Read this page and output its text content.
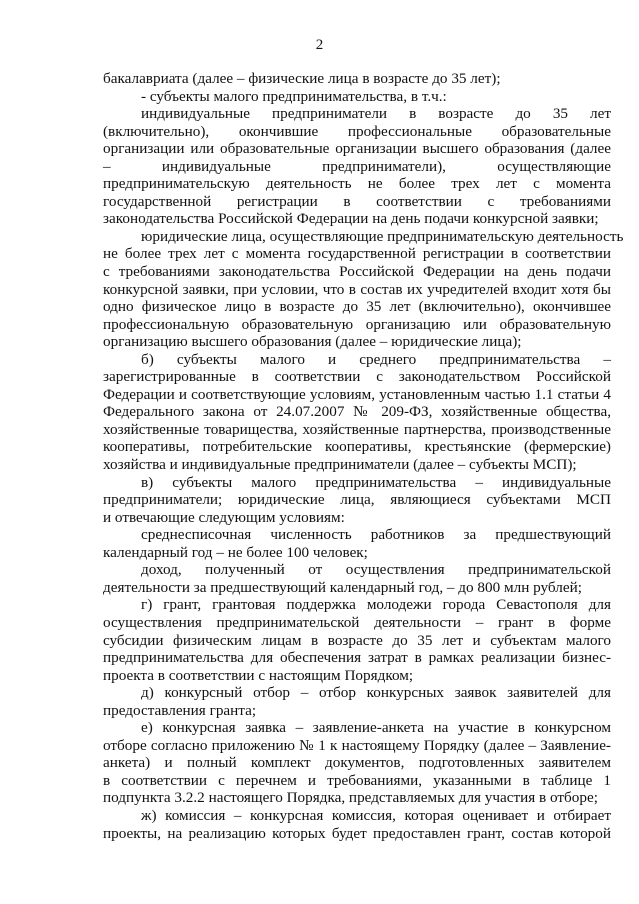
2
бакалавриата (далее – физические лица в возрасте до 35 лет);
- субъекты малого предпринимательства, в т.ч.:
индивидуальные предприниматели в возрасте до 35 лет
(включительно), окончившие профессиональные образовательные
организации или образовательные организации высшего образования (далее
– индивидуальные предприниматели), осуществляющие
предпринимательскую деятельность не более трех лет с момента
государственной регистрации в соответствии с требованиями
законодательства Российской Федерации на день подачи конкурсной заявки;
юридические лица, осуществляющие предпринимательскую деятельность
не более трех лет с момента государственной регистрации в соответствии
с требованиями законодательства Российской Федерации на день подачи
конкурсной заявки, при условии, что в состав их учредителей входит хотя бы
одно физическое лицо в возрасте до 35 лет (включительно), окончившее
профессиональную образовательную организацию или образовательную
организацию высшего образования (далее – юридические лица);
б) субъекты малого и среднего предпринимательства –
зарегистрированные в соответствии с законодательством Российской
Федерации и соответствующие условиям, установленным частью 1.1 статьи 4
Федерального закона от 24.07.2007 № 209-ФЗ, хозяйственные общества,
хозяйственные товарищества, хозяйственные партнерства, производственные
кооперативы, потребительские кооперативы, крестьянские (фермерские)
хозяйства и индивидуальные предприниматели (далее – субъекты МСП);
в) субъекты малого предпринимательства – индивидуальные
предприниматели; юридические лица, являющиеся субъектами МСП
и отвечающие следующим условиям:
среднесписочная численность работников за предшествующий
календарный год – не более 100 человек;
доход, полученный от осуществления предпринимательской
деятельности за предшествующий календарный год, – до 800 млн рублей;
г) грант, грантовая поддержка молодежи города Севастополя для
осуществления предпринимательской деятельности – грант в форме
субсидии физическим лицам в возрасте до 35 лет и субъектам малого
предпринимательства для обеспечения затрат в рамках реализации бизнес-
проекта в соответствии с настоящим Порядком;
д) конкурсный отбор – отбор конкурсных заявок заявителей для
предоставления гранта;
е) конкурсная заявка – заявление-анкета на участие в конкурсном
отборе согласно приложению № 1 к настоящему Порядку (далее – Заявление-
анкета) и полный комплект документов, подготовленных заявителем
в соответствии с перечнем и требованиями, указанными в таблице 1
подпункта 3.2.2 настоящего Порядка, представляемых для участия в отборе;
ж) комиссия – конкурсная комиссия, которая оценивает и отбирает
проекты, на реализацию которых будет предоставлен грант, состав которой
